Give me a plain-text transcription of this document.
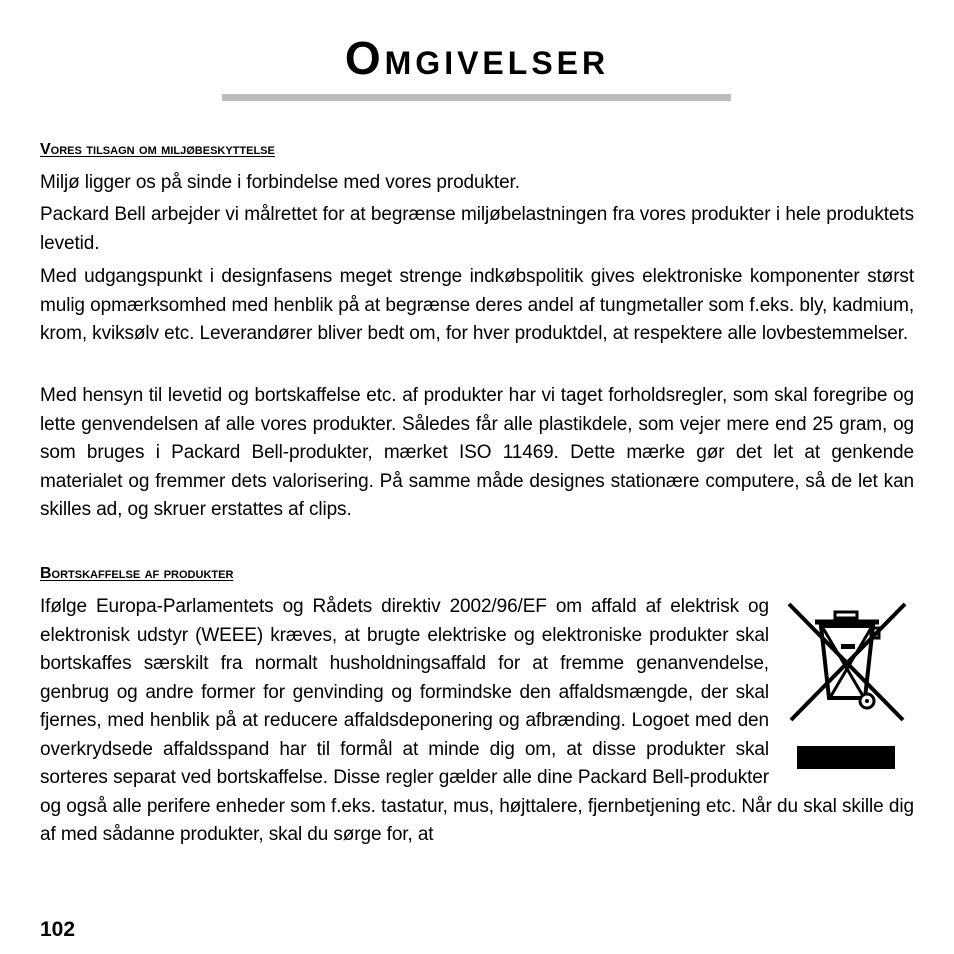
Omgivelser
Vores tilsagn om miljøbeskyttelse

Miljø ligger os på sinde i forbindelse med vores produkter.

Packard Bell arbejder vi målrettet for at begrænse miljøbelastningen fra vores produkter i hele produktets levetid.

Med udgangspunkt i designfasens meget strenge indkøbspolitik gives elektroniske komponenter størst mulig opmærksomhed med henblik på at begrænse deres andel af tungmetaller som f.eks. bly, kadmium, krom, kviksølv etc. Leverandører bliver bedt om, for hver produktdel, at respektere alle lovbestemmelser.

Med hensyn til levetid og bortskaffelse etc. af produkter har vi taget forholdsregler, som skal foregribe og lette genvendelsen af alle vores produkter. Således får alle plastikdele, som vejer mere end 25 gram, og som bruges i Packard Bell-produkter, mærket ISO 11469. Dette mærke gør det let at genkende materialet og fremmer dets valorisering. På samme måde designes stationære computere, så de let kan skilles ad, og skruer erstattes af clips.

Bortskaffelse af produkter

Ifølge Europa-Parlamentets og Rådets direktiv 2002/96/EF om affald af elektrisk og elektronisk udstyr (WEEE) kræves, at brugte elektriske og elektroniske produkter skal bortskaffes særskilt fra normalt husholdningsaffald for at fremme genanvendelse, genbrug og andre former for genvinding og formindske den affaldsmængde, der skal fjernes, med henblik på at reducere affaldsdeponering og afbrænding. Logoet med den overkrydsede affaldsspand har til formål at minde dig om, at disse produkter skal sorteres separat ved bortskaffelse. Disse regler gælder alle dine Packard Bell-produkter og også alle perifere enheder som f.eks. tastatur, mus, højttalere, fjernbetjening etc. Når du skal skille dig af med sådanne produkter, skal du sørge for, at

102
